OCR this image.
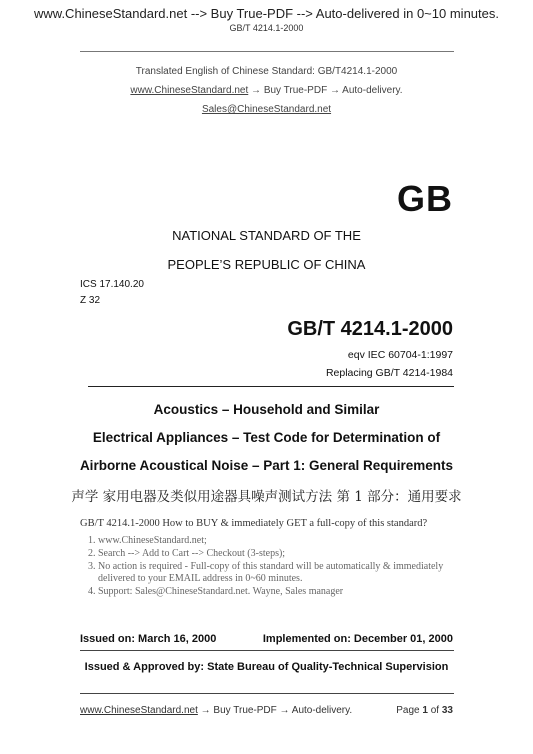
www.ChineseStandard.net --> Buy True-PDF --> Auto-delivered in 0~10 minutes.
GB/T 4214.1-2000
Translated English of Chinese Standard: GB/T4214.1-2000
www.ChineseStandard.net → Buy True-PDF → Auto-delivery.
Sales@ChineseStandard.net
GB
NATIONAL STANDARD OF THE
PEOPLE’S REPUBLIC OF CHINA
ICS 17.140.20
Z 32
GB/T 4214.1-2000
eqv IEC 60704-1:1997
Replacing GB/T 4214-1984
Acoustics – Household and Similar
Electrical Appliances – Test Code for Determination of
Airborne Acoustical Noise – Part 1: General Requirements
声学 家用电器及类似用途器具噪声测试方法 第 1 部分：通用要求
GB/T 4214.1-2000 How to BUY & immediately GET a full-copy of this standard?
1. www.ChineseStandard.net;
2. Search --> Add to Cart --> Checkout (3-steps);
3. No action is required - Full-copy of this standard will be automatically & immediately delivered to your EMAIL address in 0~60 minutes.
4. Support: Sales@ChineseStandard.net. Wayne, Sales manager
Issued on: March 16, 2000	Implemented on: December 01, 2000
Issued & Approved by: State Bureau of Quality-Technical Supervision
www.ChineseStandard.net → Buy True-PDF → Auto-delivery.	Page 1 of 33
